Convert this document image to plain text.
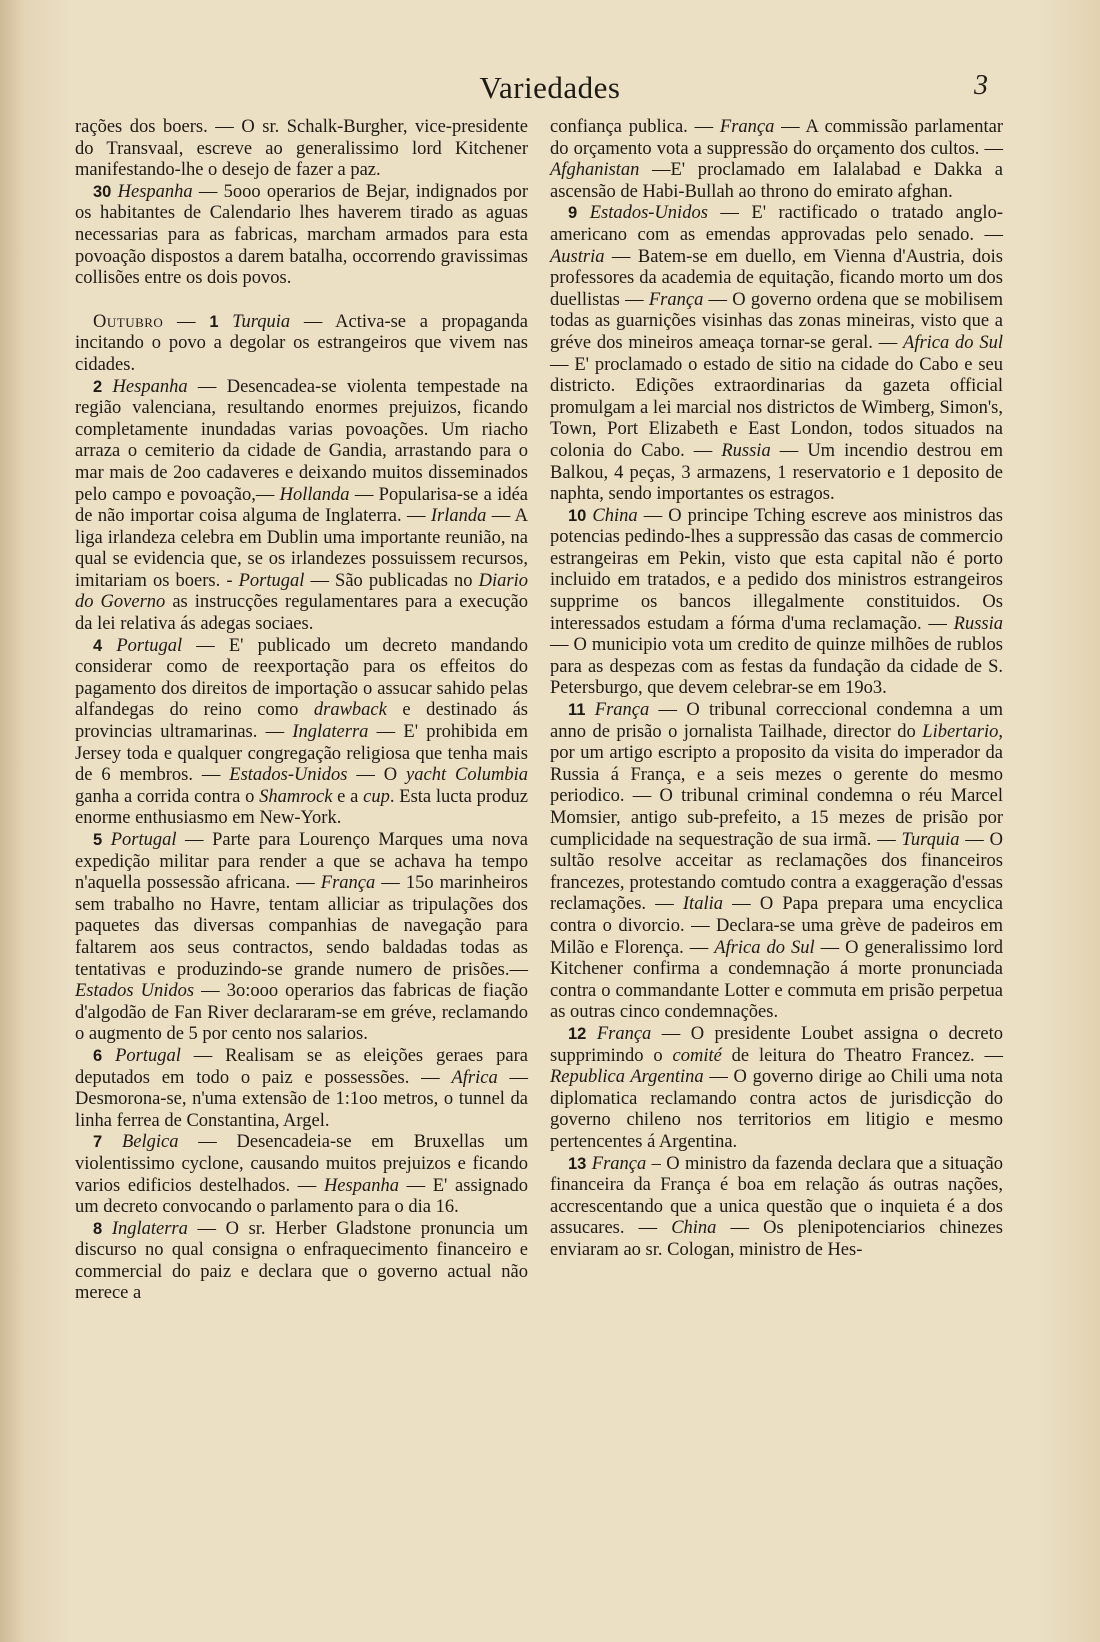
Variedades	3

rações dos boers. — O sr. Schalk-Burgher, vice-presidente do Transvaal, escreve ao generalissimo lord Kitchener manifestando-lhe o desejo de fazer a paz.

30 Hespanha — 5ooo operarios de Bejar, indignados por os habitantes de Calendario lhes haverem tirado as aguas necessarias para as fabricas, marcham armados para esta povoação dispostos a darem batalha, occorrendo gravissimas collisões entre os dois povos.

Outubro — 1 Turquia — Activa-se a propaganda incitando o povo a degolar os estrangeiros que vivem nas cidades.

2 Hespanha — Desencadea-se violenta tempestade na região valenciana, resultando enormes prejuizos, ficando completamente inundadas varias povoações. Um riacho arraza o cemiterio da cidade de Gandia, arrastando para o mar mais de 2oo cadaveres e deixando muitos disseminados pelo campo e povoação,— Hollanda — Popularisa-se a idéa de não importar coisa alguma de Inglaterra. — Irlanda — A liga irlandeza celebra em Dublin uma importante reunião, na qual se evidencia que, se os irlandezes possuissem recursos, imitariam os boers. - Portugal — São publicadas no Diario do Governo as instrucções regulamentares para a execução da lei relativa ás adegas sociaes.

4 Portugal — E' publicado um decreto mandando considerar como de reexportação para os effeitos do pagamento dos direitos de importação o assucar sahido pelas alfandegas do reino como drawback e destinado ás provincias ultramarinas. — Inglaterra — E' prohibida em Jersey toda e qualquer congregação religiosa que tenha mais de 6 membros. — Estados-Unidos — O yacht Columbia ganha a corrida contra o Shamrock e a cup. Esta lucta produz enorme enthusiasmo em New-York.

5 Portugal — Parte para Lourenço Marques uma nova expedição militar para render a que se achava ha tempo n'aquella possessão africana. — França — 15o marinheiros sem trabalho no Havre, tentam alliciar as tripulações dos paquetes das diversas companhias de navegação para faltarem aos seus contractos, sendo baldadas todas as tentativas e produzindo-se grande numero de prisões.—Estados Unidos — 3o:ooo operarios das fabricas de fiação d'algodão de Fan River declararam-se em gréve, reclamando o augmento de 5 por cento nos salarios.

6 Portugal — Realisam se as eleições geraes para deputados em todo o paiz e possessões. — Africa — Desmorona-se, n'uma extensão de 1:1oo metros, o tunnel da linha ferrea de Constantina, Argel.

7 Belgica — Desencadeia-se em Bruxellas um violentissimo cyclone, causando muitos prejuizos e ficando varios edificios destelhados. — Hespanha — E' assignado um decreto convocando o parlamento para o dia 16.

8 Inglaterra — O sr. Herber Gladstone pronuncia um discurso no qual consigna o enfraquecimento financeiro e commercial do paiz e declara que o governo actual não merece a

confiança publica. — França — A commissão parlamentar do orçamento vota a suppressão do orçamento dos cultos. — Afghanistan —E' proclamado em Ialalabad e Dakka a ascensão de Habi-Bullah ao throno do emirato afghan.

9 Estados-Unidos — E' ractificado o tratado anglo-americano com as emendas approvadas pelo senado. — Austria — Batem-se em duello, em Vienna d'Austria, dois professores da academia de equitação, ficando morto um dos duellistas — França — O governo ordena que se mobilisem todas as guarnições visinhas das zonas mineiras, visto que a gréve dos mineiros ameaça tornar-se geral. — Africa do Sul — E' proclamado o estado de sitio na cidade do Cabo e seu districto. Edições extraordinarias da gazeta official promulgam a lei marcial nos districtos de Wimberg, Simon's, Town, Port Elizabeth e East London, todos situados na colonia do Cabo. — Russia — Um incendio destrou em Balkou, 4 peças, 3 armazens, 1 reservatorio e 1 deposito de naphta, sendo importantes os estragos.

10 China — O principe Tching escreve aos ministros das potencias pedindo-lhes a suppressão das casas de commercio estrangeiras em Pekin, visto que esta capital não é porto incluido em tratados, e a pedido dos ministros estrangeiros supprime os bancos illegalmente constituidos. Os interessados estudam a fórma d'uma reclamação. — Russia — O municipio vota um credito de quinze milhões de rublos para as despezas com as festas da fundação da cidade de S. Petersburgo, que devem celebrar-se em 19o3.

11 França — O tribunal correccional condemna a um anno de prisão o jornalista Tailhade, director do Libertario, por um artigo escripto a proposito da visita do imperador da Russia á França, e a seis mezes o gerente do mesmo periodico. — O tribunal criminal condemna o réu Marcel Momsier, antigo sub-prefeito, a 15 mezes de prisão por cumplicidade na sequestração de sua irmã. — Turquia — O sultão resolve acceitar as reclamações dos financeiros francezes, protestando comtudo contra a exaggeração d'essas reclamações. — Italia — O Papa prepara uma encyclica contra o divorcio. — Declara-se uma grève de padeiros em Milão e Florença. — Africa do Sul — O generalissimo lord Kitchener confirma a condemnação á morte pronunciada contra o commandante Lotter e commuta em prisão perpetua as outras cinco condemnações.

12 França — O presidente Loubet assigna o decreto supprimindo o comité de leitura do Theatro Francez. — Republica Argentina — O governo dirige ao Chili uma nota diplomatica reclamando contra actos de jurisdicção do governo chileno nos territorios em litigio e mesmo pertencentes á Argentina.

13 França – O ministro da fazenda declara que a situação financeira da França é boa em relação ás outras nações, accrescentando que a unica questão que o inquieta é a dos assucares. — China — Os plenipotenciarios chinezes enviaram ao sr. Cologan, ministro de Hes-
